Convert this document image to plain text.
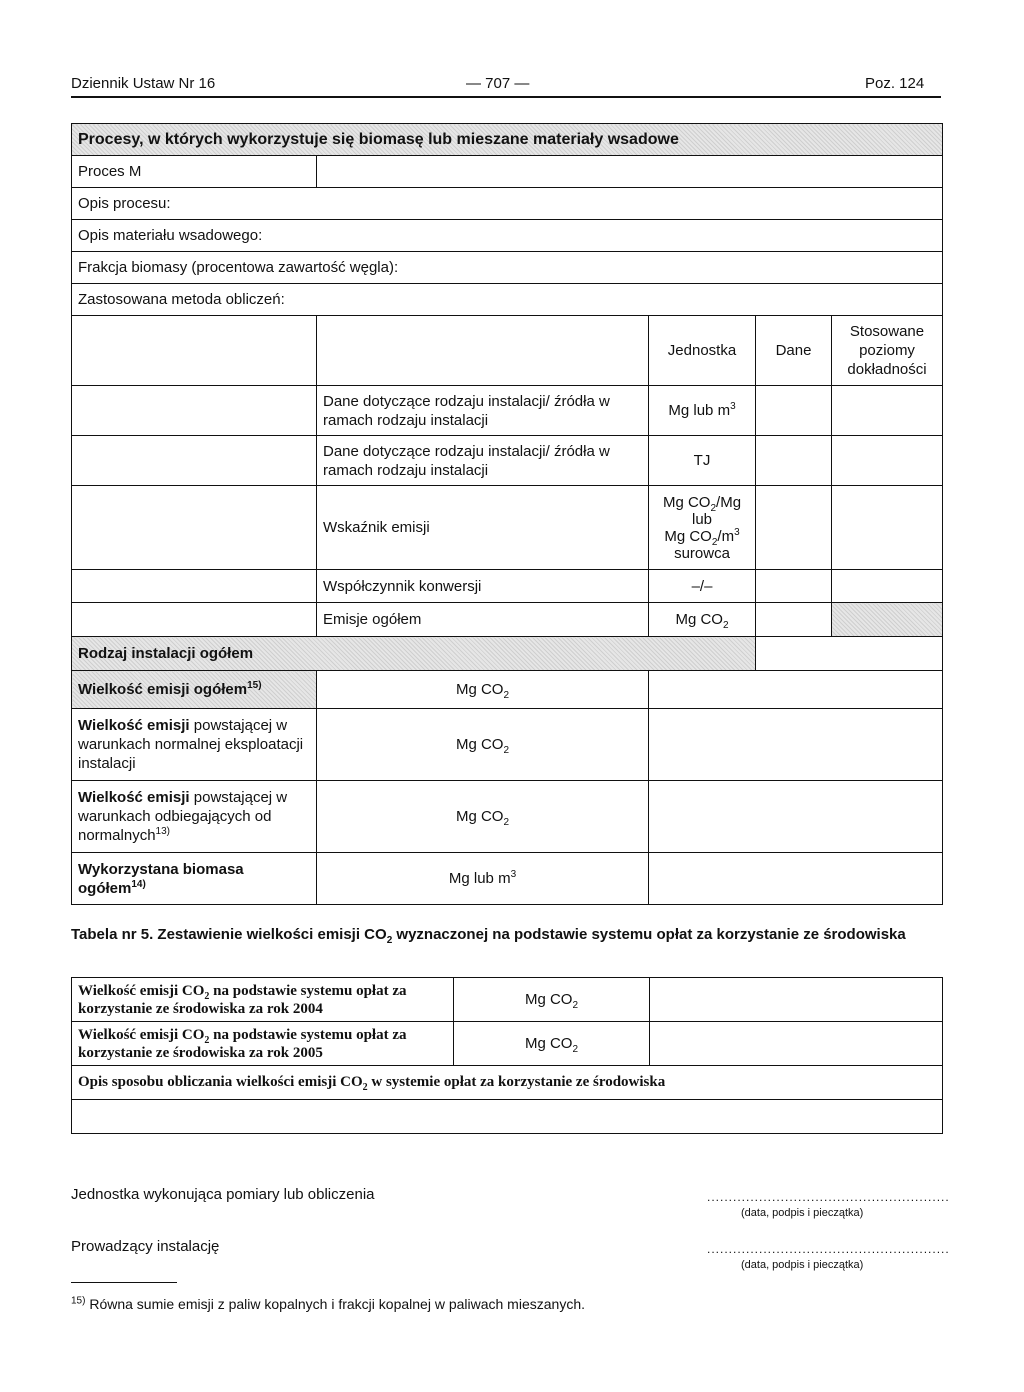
Dziennik Ustaw Nr 16	— 707 —	Poz. 124
Procesy, w których wykorzystuje się biomasę lub mieszane materiały wsadowe				
Proces M				
Opis procesu:				
Opis materiału wsadowego:				
Frakcja biomasy (procentowa zawartość węgla):				
Zastosowana metoda obliczeń:				
		Jednostka	Dane	Stosowane poziomy dokładności
	Dane dotyczące rodzaju instalacji/ źródła w ramach rodzaju instalacji	Mg lub $m^3$		
	Dane dotyczące rodzaju instalacji/ źródła w ramach rodzaju instalacji	TJ		
	Wskaźnik emisji	Mg $CO_2/Mg$
lub
Mg $CO_2/m^3$
surowca		
	Współczynnik konwersji	–/–		
	Emisje ogółem	Mg $CO_2$		
Rodzaj instalacji ogółem				
Wielkość emisji ogółem$^{15)}$	Mg $CO_2$	
Wielkość emisji powstającej w warunkach normalnej eksploatacji instalacji	Mg $CO_2$	
Wielkość emisji powstającej w warunkach odbiegających od normalnych$^{13)}$	Mg $CO_2$	
Wykorzystana biomasa ogółem$^{14)}$	Mg lub $m^3$	
Tabela nr 5. Zestawienie wielkości emisji $CO_2$ wyznaczonej na podstawie systemu opłat za korzystanie ze środowiska
Wielkość emisji $CO_2$ na podstawie systemu opłat za korzystanie ze środowiska za rok 2004	Mg $CO_2$	
Wielkość emisji $CO_2$ na podstawie systemu opłat za korzystanie ze środowiska za rok 2005	Mg $CO_2$	
Opis sposobu obliczania wielkości emisji $CO_2$ w systemie opłat za korzystanie ze środowiska		

Jednostka wykonująca pomiary lub obliczenia	........................................................
(data, podpis i pieczątka)
Prowadzący instalację	........................................................
(data, podpis i pieczątka)
$^{15)}$ Równa sumie emisji z paliw kopalnych i frakcji kopalnej w paliwach mieszanych.
